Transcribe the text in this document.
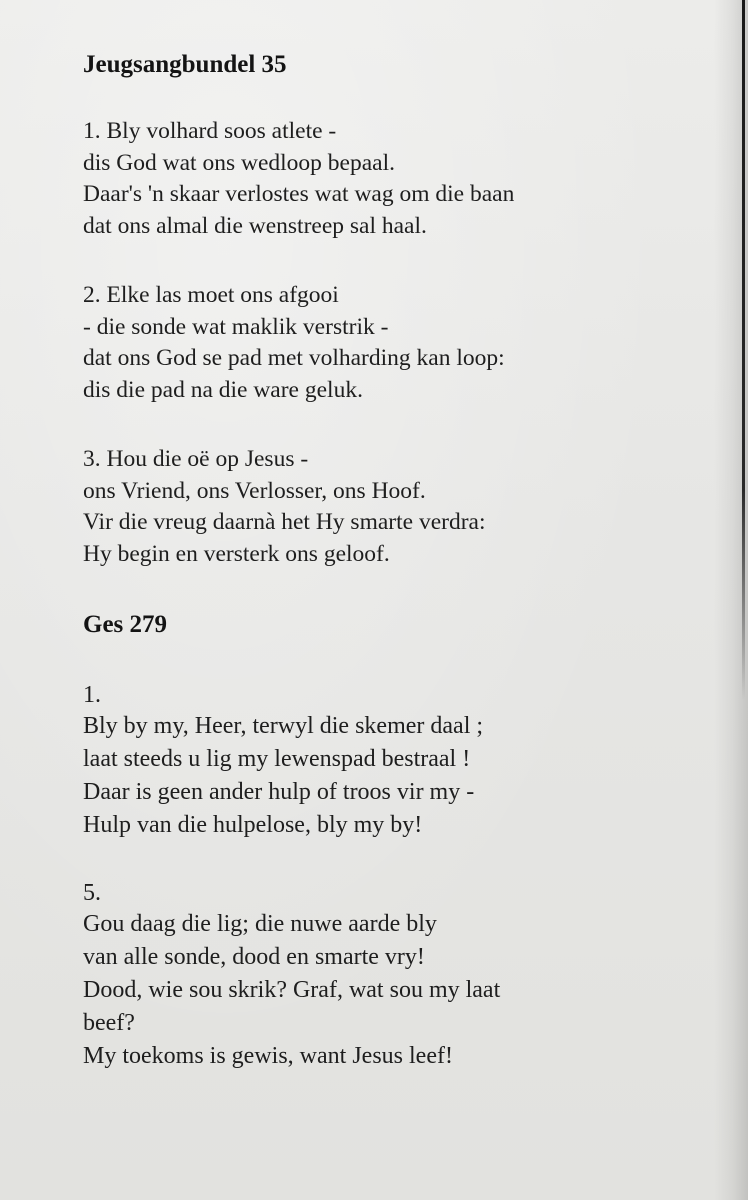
Jeugsangbundel 35
1. Bly volhard soos atlete -
dis God wat ons wedloop bepaal.
Daar's 'n skaar verlostes wat wag om die baan
dat ons almal die wenstreep sal haal.
2. Elke las moet ons afgooi
- die sonde wat maklik verstrik -
dat ons God se pad met volharding kan loop:
dis die pad na die ware geluk.
3. Hou die oë op Jesus -
ons Vriend, ons Verlosser, ons Hoof.
Vir die vreug daarnà het Hy smarte verdra:
Hy begin en versterk ons geloof.
Ges 279
1.
Bly by my, Heer, terwyl die skemer daal ;
laat steeds u lig my lewenspad bestraal !
Daar is geen ander hulp of troos vir my -
Hulp van die hulpelose, bly my by!
5.
Gou daag die lig; die nuwe aarde bly
van alle sonde, dood en smarte vry!
Dood, wie sou skrik? Graf, wat sou my laat
beef?
My toekoms is gewis, want Jesus leef!
